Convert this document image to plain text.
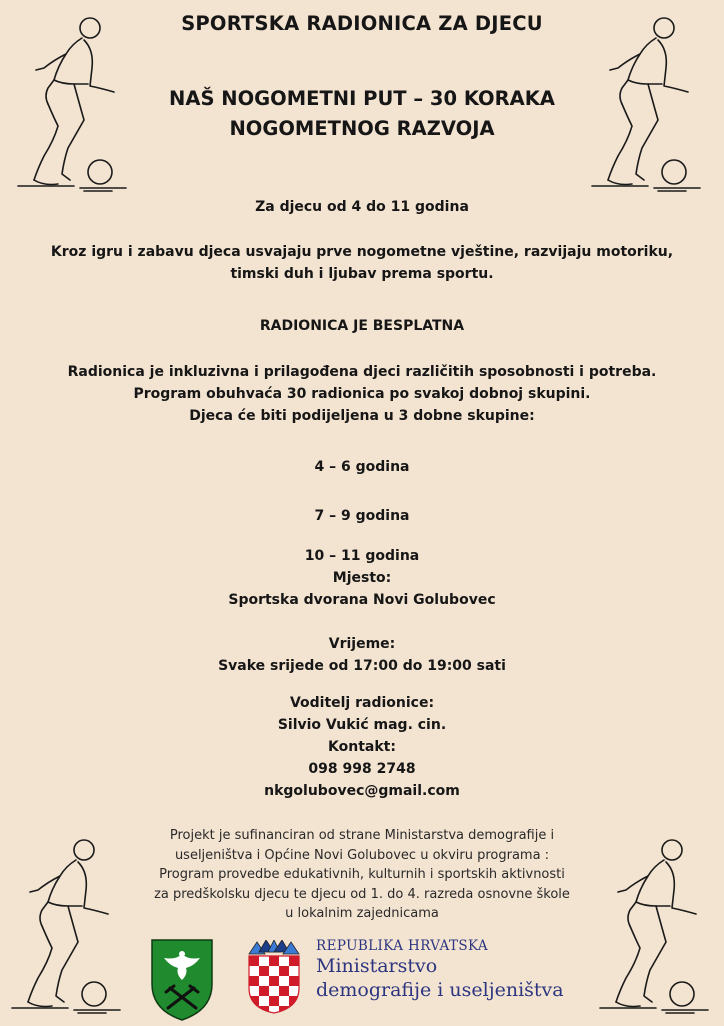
SPORTSKA RADIONICA ZA DJECU
NAŠ NOGOMETNI PUT – 30 KORAKA
NOGOMETNOG RAZVOJA
Za djecu od 4 do 11 godina
Kroz igru i zabavu djeca usvajaju prve nogometne vještine, razvijaju motoriku,
timski duh i ljubav prema sportu.
RADIONICA JE BESPLATNA
Radionica je inkluzivna i prilagođena djeci različitih sposobnosti i potreba.
Program obuhvaća 30 radionica po svakoj dobnoj skupini.
Djeca će biti podijeljena u 3 dobne skupine:
4 – 6 godina
7 – 9 godina
10 – 11 godina
Mjesto:
Sportska dvorana Novi Golubovec
Vrijeme:
Svake srijede od 17:00 do 19:00 sati
Voditelj radionice:
Silvio Vukić mag. cin.
Kontakt:
098 998 2748
nkgolubovec@gmail.com
Projekt je sufinanciran od strane Ministarstva demografije i
useljeništva i Općine Novi Golubovec u okviru programa :
Program provedbe edukativnih, kulturnih i sportskih aktivnosti
za predškolsku djecu te djecu od 1. do 4. razreda osnovne škole
u lokalnim zajednicama
REPUBLIKA HRVATSKA
Ministarstvo
demografije i useljeništva
